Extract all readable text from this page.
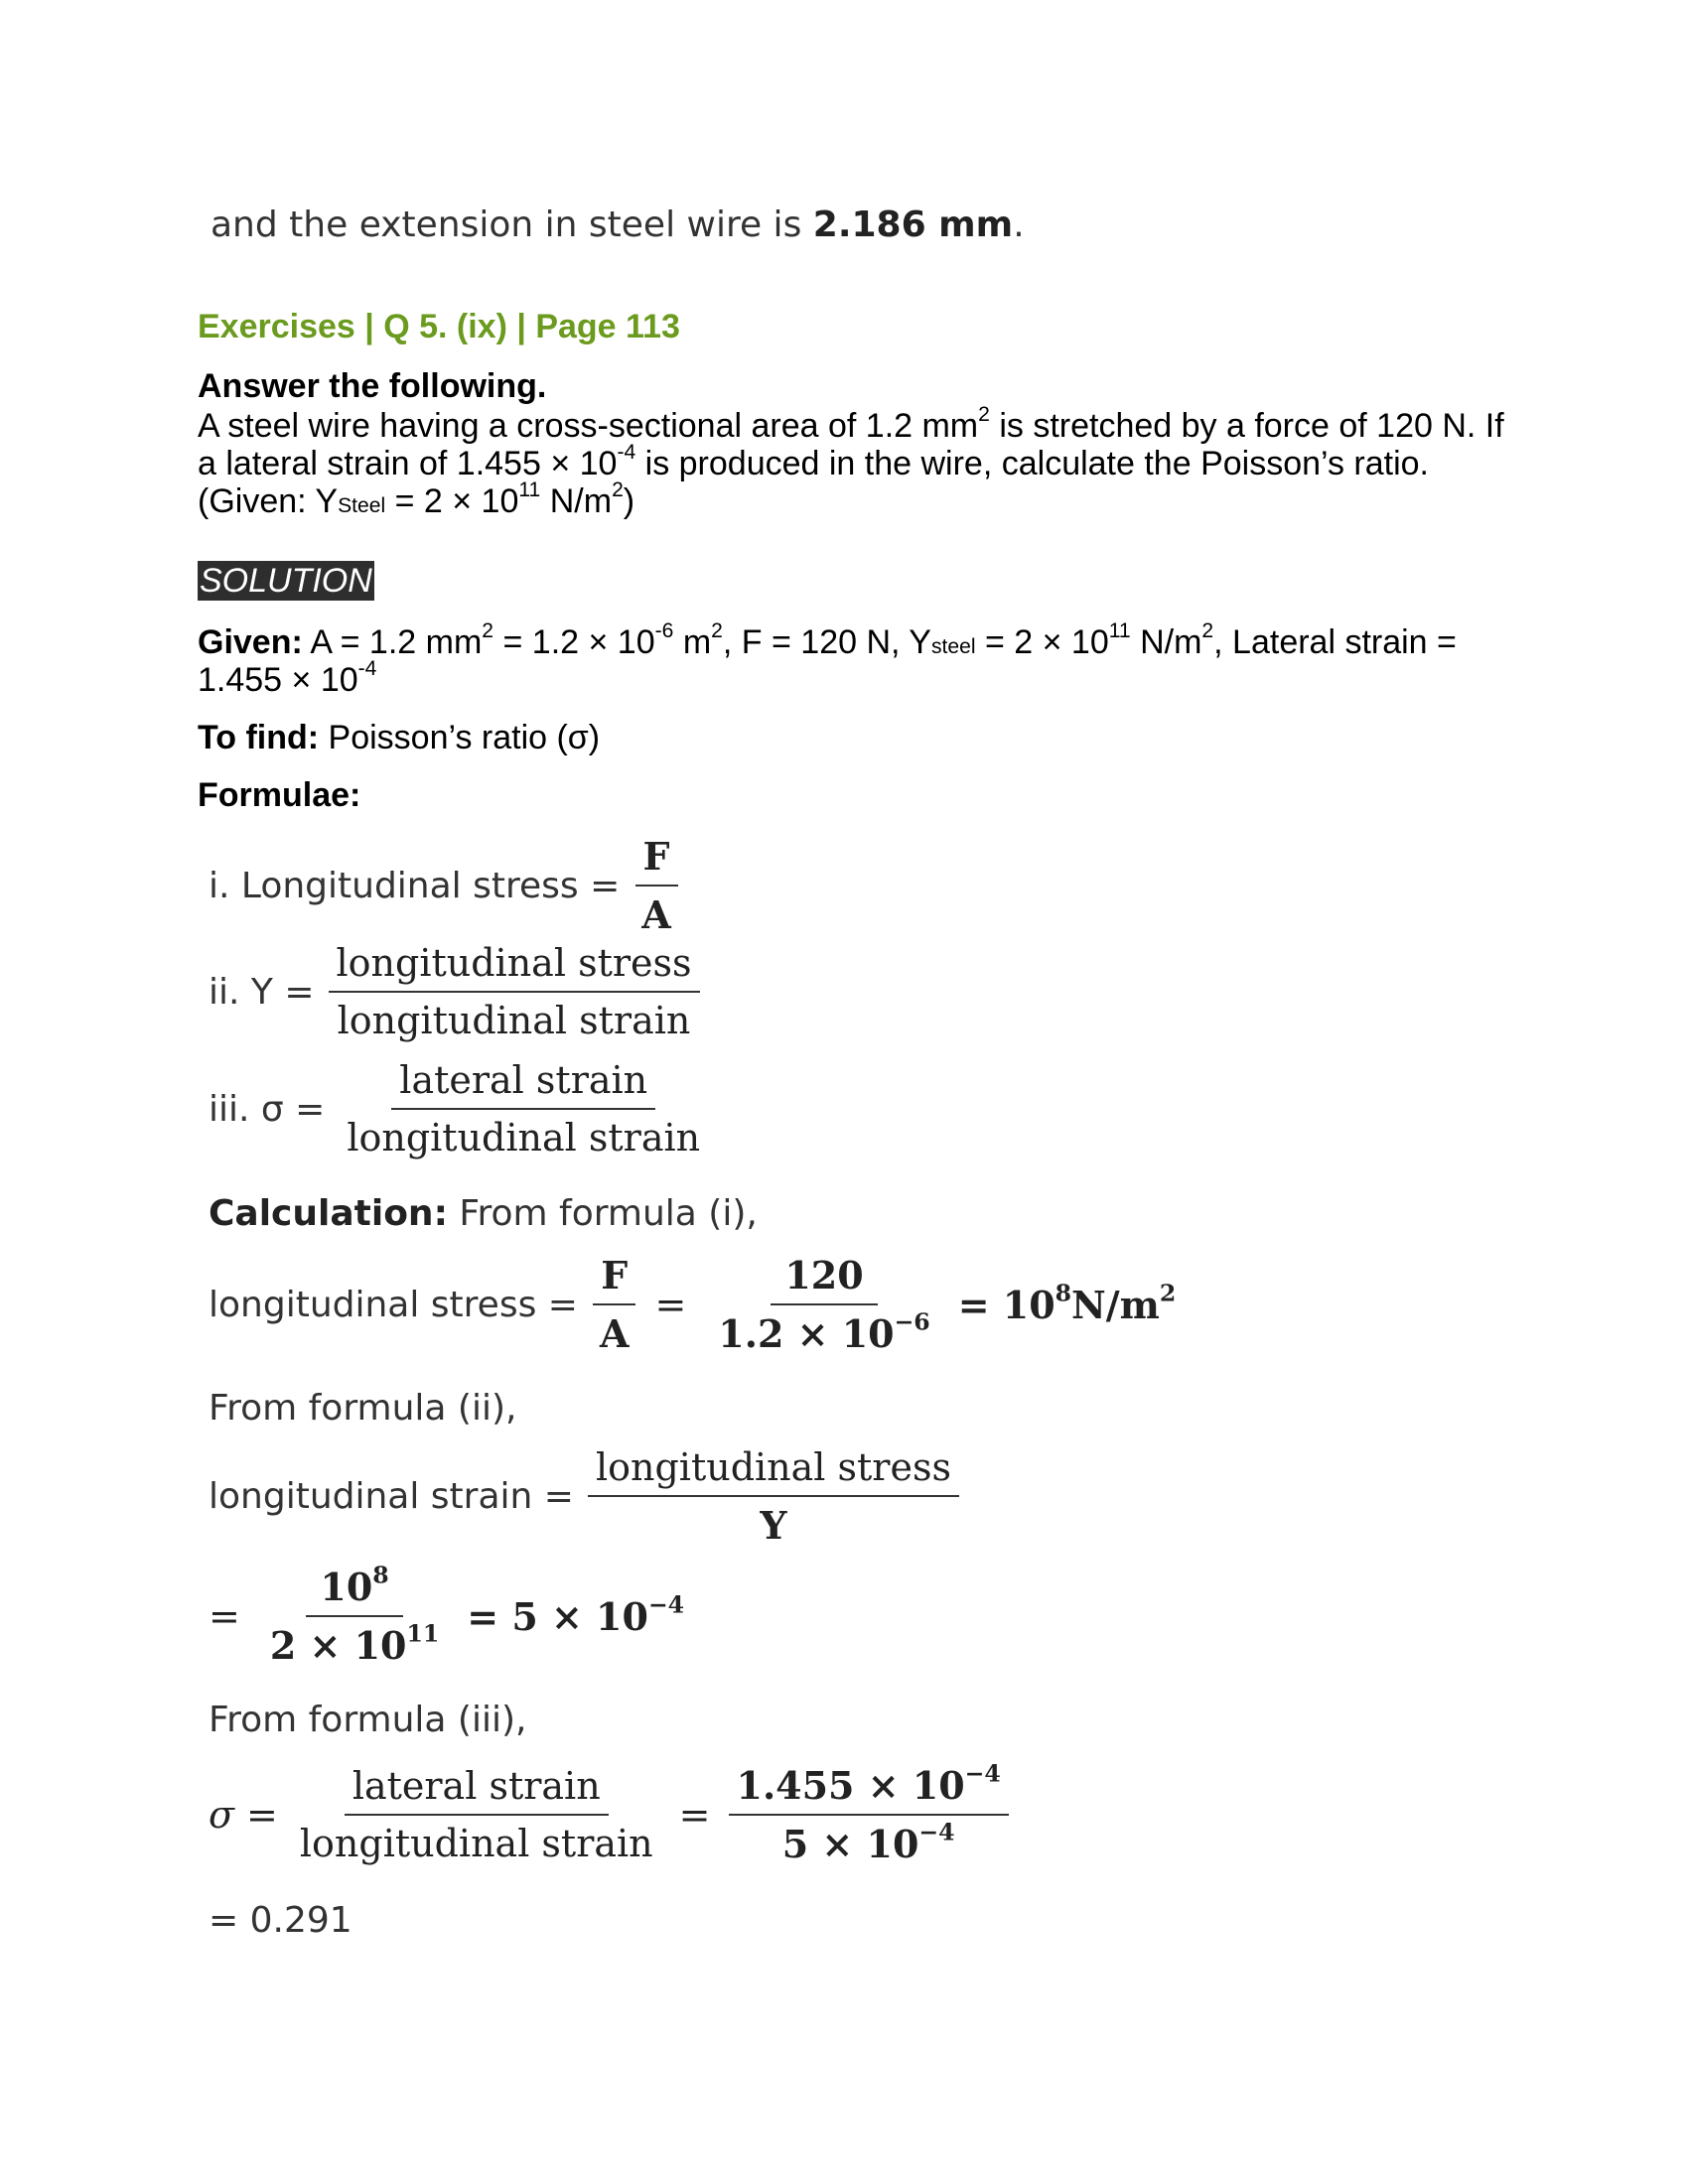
and the extension in steel wire is 2.186 mm.
Exercises | Q 5. (ix) | Page 113
Answer the following.
A steel wire having a cross-sectional area of 1.2 $mm^2$ is stretched by a force of 120 N. If
a lateral strain of $1.455 \times 10^{-4}$ is produced in the wire, calculate the Poisson’s ratio.
(Given: YSteel = $2 \times 10^{11}$ $N/m^2$)
SOLUTION
Given: A = 1.2 $mm^2 = 1.2 \times 10^{-6}$ $m^2$, F = 120 N, Ysteel = $2 \times 10^{11}$ $N/m^2$, Lateral strain =
$1.455 \times 10^{-4}$
To find: Poisson’s ratio (σ)
Formulae:
i. Longitudinal stress = $\frac{F}{A}$
ii. $Y = \frac{\text{longitudinal stress}}{\text{longitudinal strain}}$
iii. $\sigma = \frac{\text{lateral strain}}{\text{longitudinal strain}}$
Calculation: From formula (i),
longitudinal stress = $\frac{F}{A} = \frac{120}{1.2 \times 10^{-6}} = 10^8N/m^2$
From formula (ii),
longitudinal strain = $\frac{\text{longitudinal stress}}{Y}$
= $\frac{10^8}{2 \times 10^{11}} = 5 \times 10^{-4}$
From formula (iii),
$\sigma = \frac{\text{lateral strain}}{\text{longitudinal strain}} = \frac{1.455 \times 10^{-4}}{5 \times 10^{-4}}$
= 0.291
